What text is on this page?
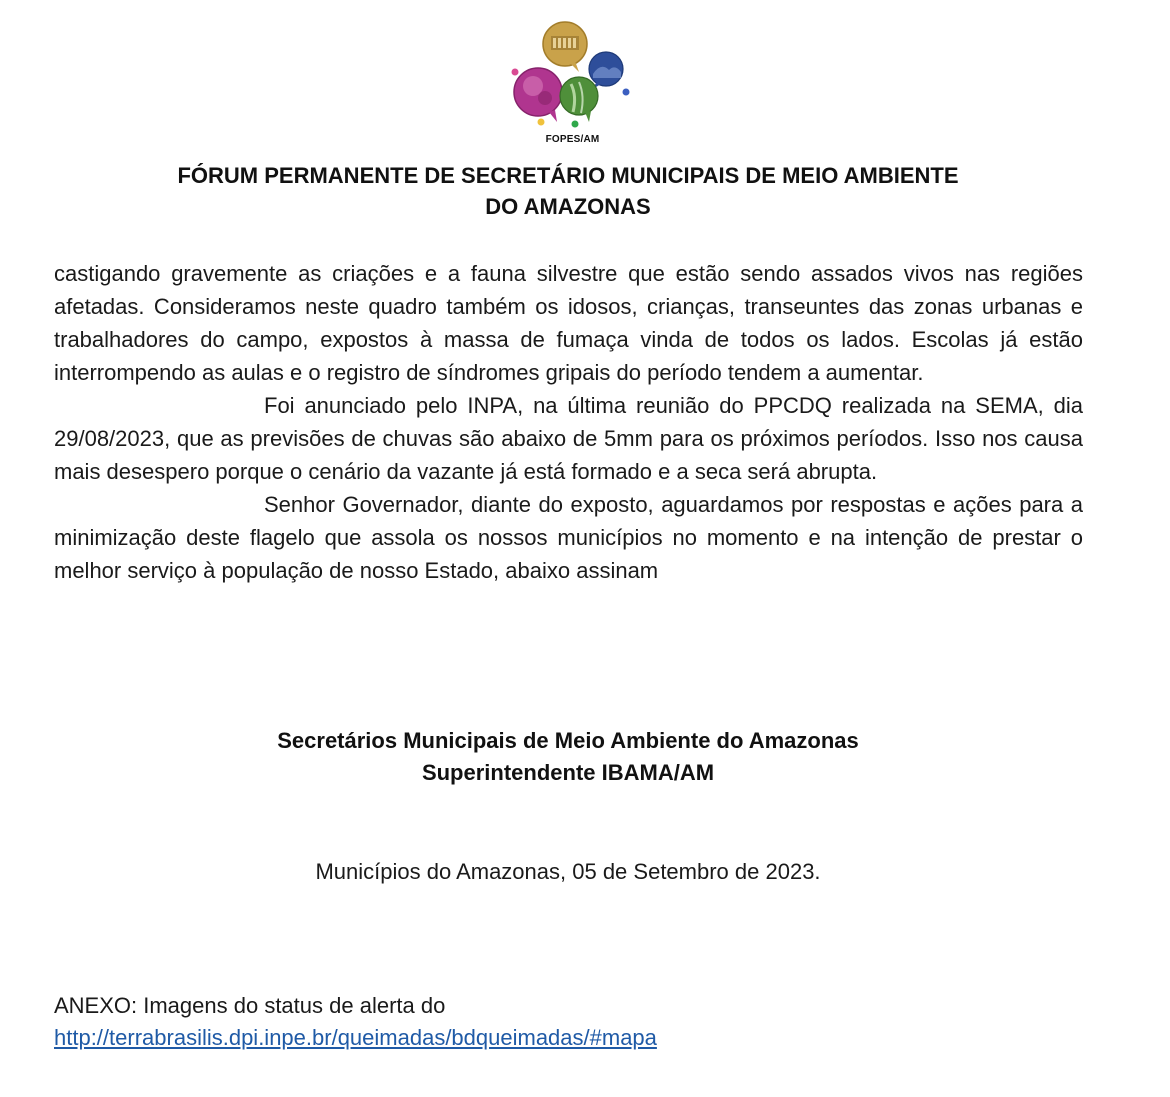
FOPES/AM
FÓRUM PERMANENTE DE SECRETÁRIO MUNICIPAIS DE MEIO AMBIENTE
DO AMAZONAS

castigando gravemente as criações e a fauna silvestre que estão sendo assados vivos nas regiões afetadas. Consideramos neste quadro também os idosos, crianças, transeuntes das zonas urbanas e trabalhadores do campo, expostos à massa de fumaça vinda de todos os lados. Escolas já estão interrompendo as aulas e o registro de síndromes gripais do período tendem a aumentar.

Foi anunciado pelo INPA, na última reunião do PPCDQ realizada na SEMA, dia 29/08/2023, que as previsões de chuvas são abaixo de 5mm para os próximos períodos. Isso nos causa mais desespero porque o cenário da vazante já está formado e a seca será abrupta.

Senhor Governador, diante do exposto, aguardamos por respostas e ações para a minimização deste flagelo que assola os nossos municípios no momento e na intenção de prestar o melhor serviço à população de nosso Estado, abaixo assinam

Secretários Municipais de Meio Ambiente do Amazonas
Superintendente IBAMA/AM
Municípios do Amazonas, 05 de Setembro de 2023.
ANEXO: Imagens do status de alerta do
http://terrabrasilis.dpi.inpe.br/queimadas/bdqueimadas/#mapa
